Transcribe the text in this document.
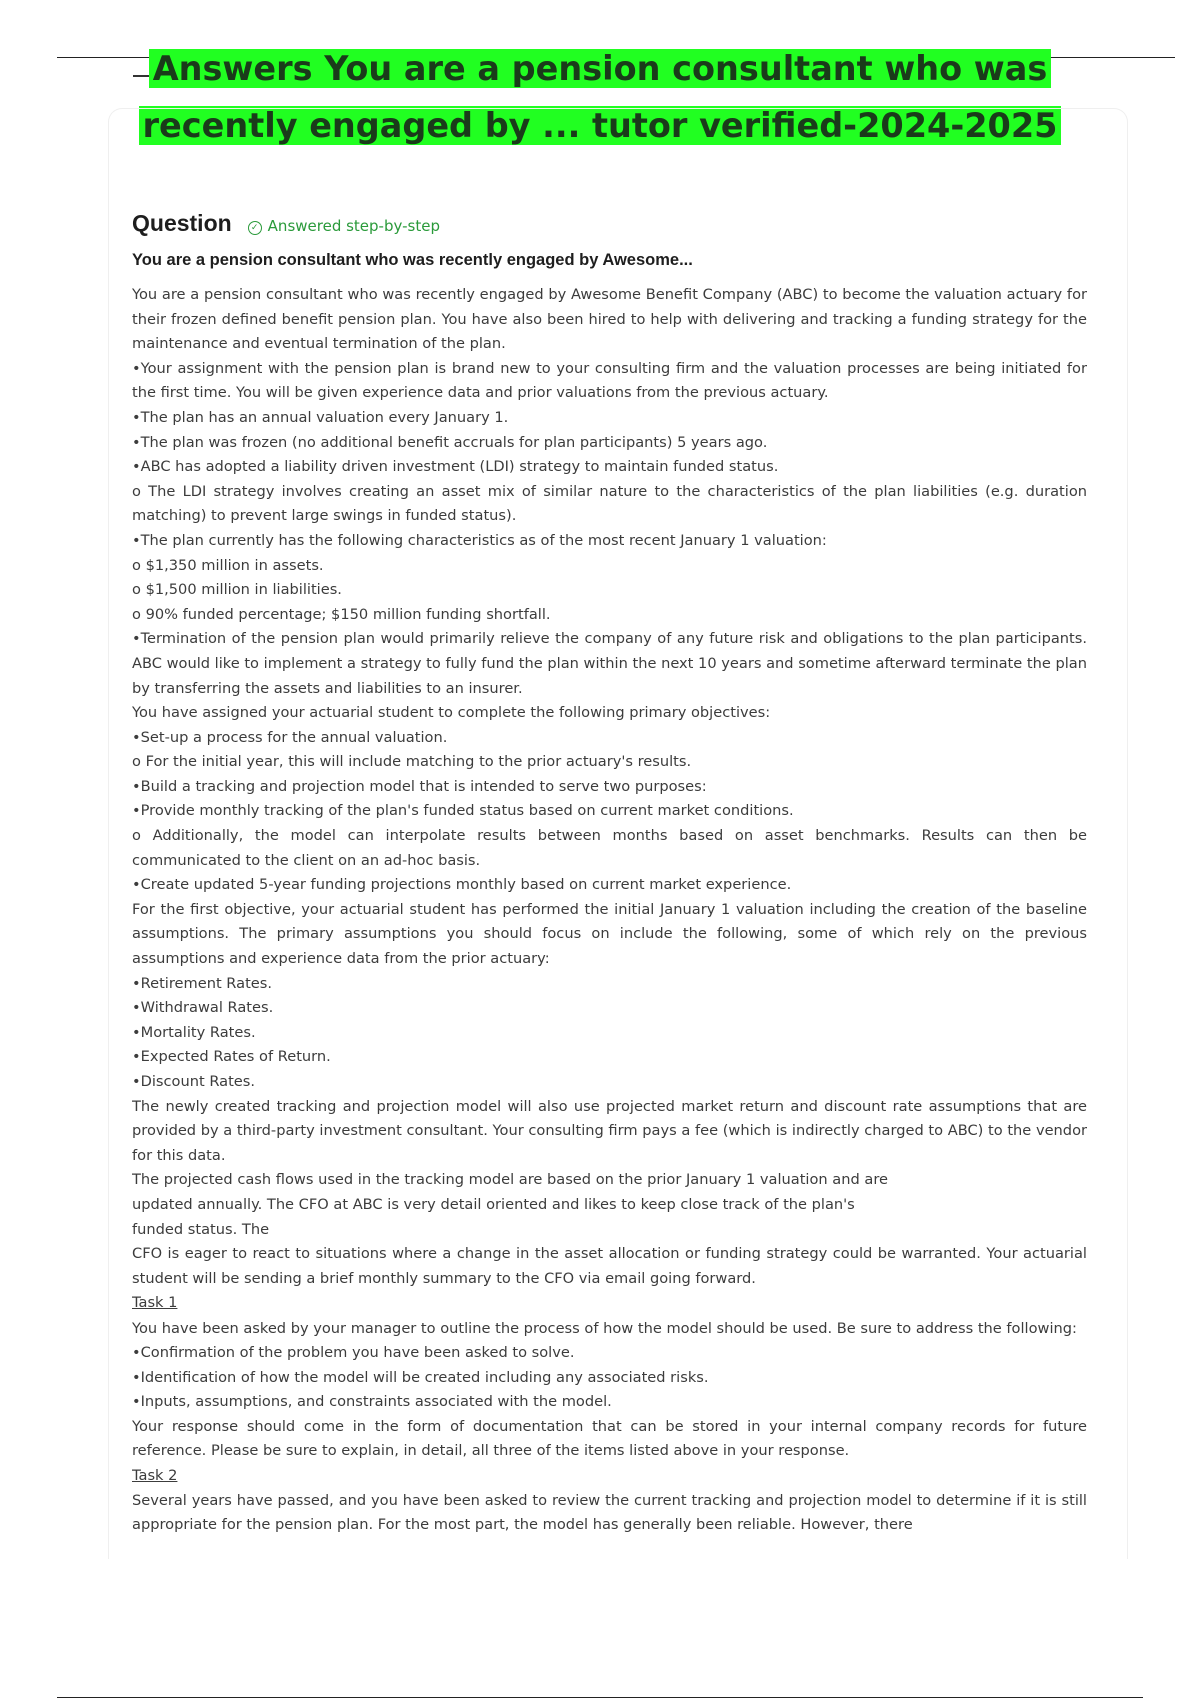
Answers You are a pension consultant who was
recently engaged by ... tutor verified-2024-2025
Question	✓ Answered step-by-step
You are a pension consultant who was recently engaged by Awesome...

You are a pension consultant who was recently engaged by Awesome Benefit Company (ABC) to become the valuation actuary for their frozen defined benefit pension plan. You have also been hired to help with delivering and tracking a funding strategy for the maintenance and eventual termination of the plan.

•Your assignment with the pension plan is brand new to your consulting firm and the valuation processes are being initiated for the first time. You will be given experience data and prior valuations from the previous actuary.

•The plan has an annual valuation every January 1.

•The plan was frozen (no additional benefit accruals for plan participants) 5 years ago.

•ABC has adopted a liability driven investment (LDI) strategy to maintain funded status.

o The LDI strategy involves creating an asset mix of similar nature to the characteristics of the plan liabilities (e.g. duration matching) to prevent large swings in funded status).

•The plan currently has the following characteristics as of the most recent January 1 valuation:

o $1,350 million in assets.

o $1,500 million in liabilities.

o 90% funded percentage; $150 million funding shortfall.

•Termination of the pension plan would primarily relieve the company of any future risk and obligations to the plan participants. ABC would like to implement a strategy to fully fund the plan within the next 10 years and sometime afterward terminate the plan by transferring the assets and liabilities to an insurer.

You have assigned your actuarial student to complete the following primary objectives:

•Set-up a process for the annual valuation.

o For the initial year, this will include matching to the prior actuary's results.

•Build a tracking and projection model that is intended to serve two purposes:

•Provide monthly tracking of the plan's funded status based on current market conditions.

o Additionally, the model can interpolate results between months based on asset benchmarks. Results can then be communicated to the client on an ad-hoc basis.

•Create updated 5-year funding projections monthly based on current market experience.

For the first objective, your actuarial student has performed the initial January 1 valuation including the creation of the baseline assumptions. The primary assumptions you should focus on include the following, some of which rely on the previous assumptions and experience data from the prior actuary:

•Retirement Rates.

•Withdrawal Rates.

•Mortality Rates.

•Expected Rates of Return.

•Discount Rates.

The newly created tracking and projection model will also use projected market return and discount rate assumptions that are provided by a third-party investment consultant. Your consulting firm pays a fee (which is indirectly charged to ABC) to the vendor for this data.

The projected cash flows used in the tracking model are based on the prior January 1 valuation and are

updated annually. The CFO at ABC is very detail oriented and likes to keep close track of the plan's

funded status. The

CFO is eager to react to situations where a change in the asset allocation or funding strategy could be warranted. Your actuarial student will be sending a brief monthly summary to the CFO via email going forward.

Task 1

You have been asked by your manager to outline the process of how the model should be used. Be sure to address the following:

•Confirmation of the problem you have been asked to solve.

•Identification of how the model will be created including any associated risks.

•Inputs, assumptions, and constraints associated with the model.

Your response should come in the form of documentation that can be stored in your internal company records for future reference. Please be sure to explain, in detail, all three of the items listed above in your response.

Task 2

Several years have passed, and you have been asked to review the current tracking and projection model to determine if it is still appropriate for the pension plan. For the most part, the model has generally been reliable. However, there
